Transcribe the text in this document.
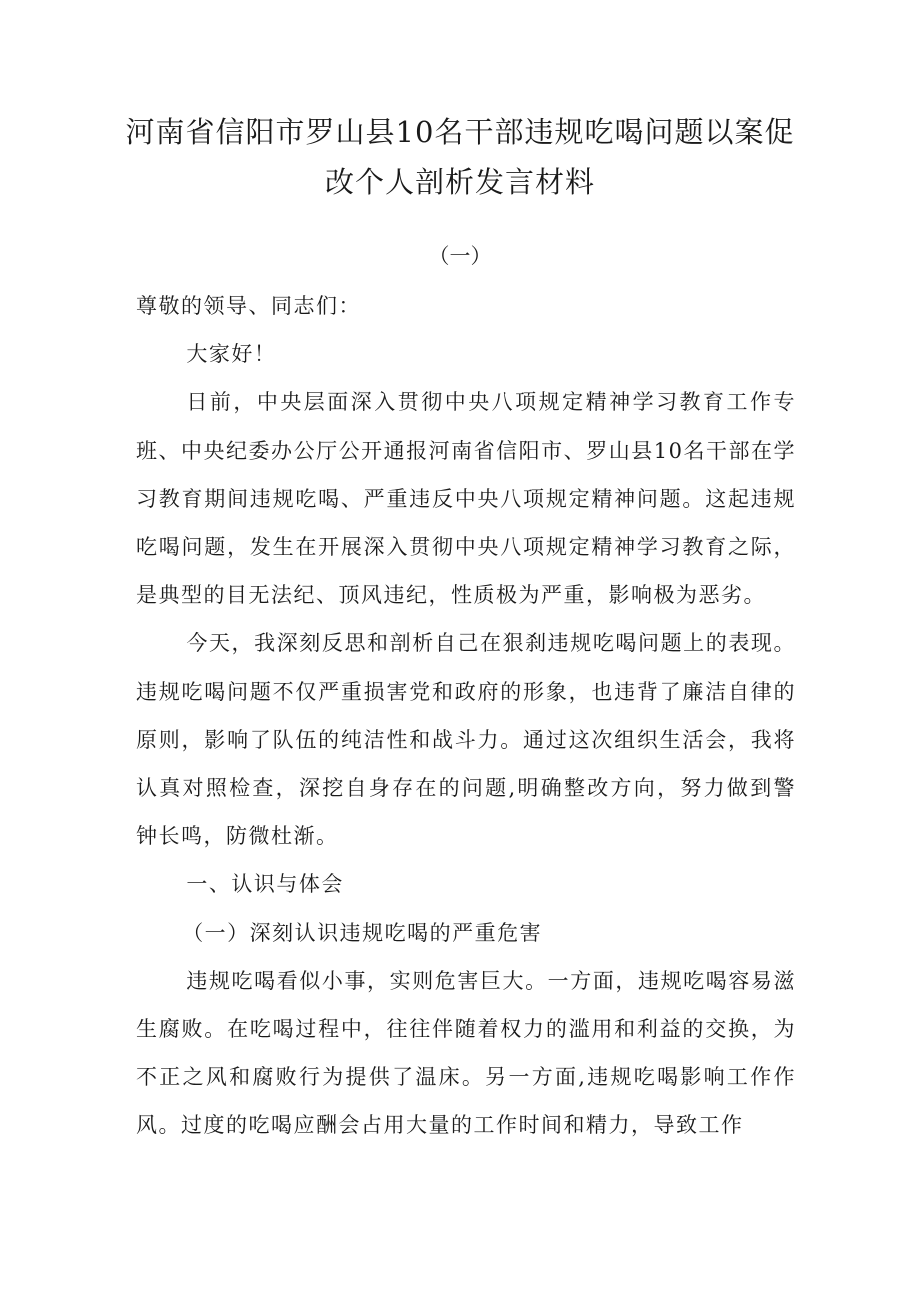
河南省信阳市罗山县10名干部违规吃喝问题以案促
改个人剖析发言材料
（一）

尊敬的领导、同志们：

大家好！

日前，中央层面深入贯彻中央八项规定精神学习教育工作专班、中央纪委办公厅公开通报河南省信阳市、罗山县10名干部在学习教育期间违规吃喝、严重违反中央八项规定精神问题。这起违规吃喝问题，发生在开展深入贯彻中央八项规定精神学习教育之际，是典型的目无法纪、顶风违纪，性质极为严重，影响极为恶劣。

今天，我深刻反思和剖析自己在狠刹违规吃喝问题上的表现。违规吃喝问题不仅严重损害党和政府的形象，也违背了廉洁自律的原则，影响了队伍的纯洁性和战斗力。通过这次组织生活会，我将认真对照检查，深挖自身存在的问题,明确整改方向，努力做到警钟长鸣，防微杜渐。

一、认识与体会

（一）深刻认识违规吃喝的严重危害

违规吃喝看似小事，实则危害巨大。一方面，违规吃喝容易滋生腐败。在吃喝过程中，往往伴随着权力的滥用和利益的交换，为不正之风和腐败行为提供了温床。另一方面,违规吃喝影响工作作风。过度的吃喝应酬会占用大量的工作时间和精力，导致工作
